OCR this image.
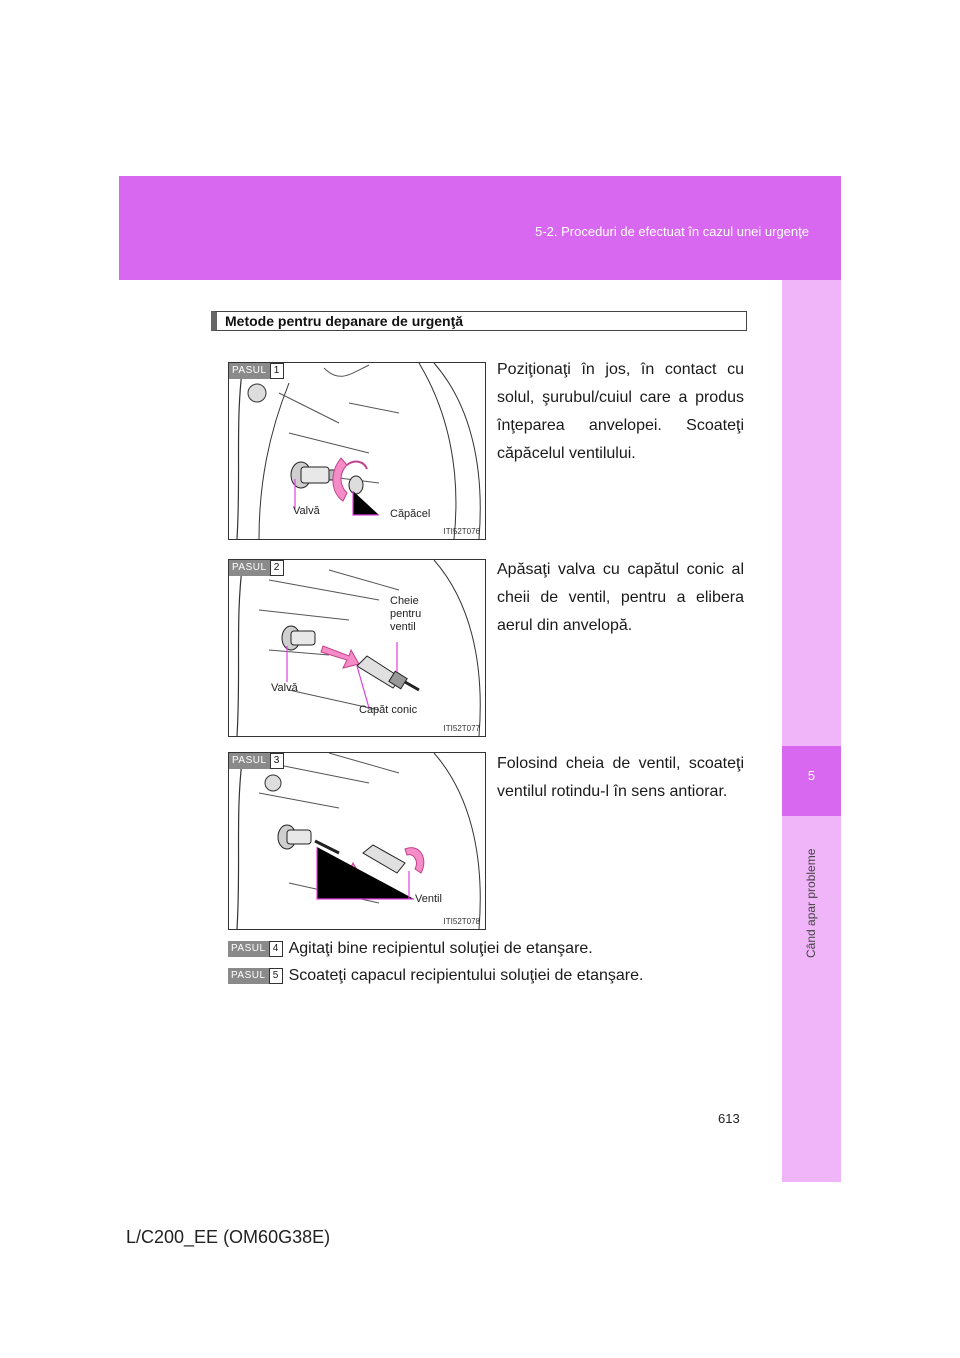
5-2. Proceduri de efectuat în cazul unei urgenţe
5
Când apar probleme
Metode pentru depanare de urgenţă
PASUL 1
Valvă	Căpăcel
ITI52T076
Poziţionaţi în jos, în contact cu solul, şurubul/cuiul care a produs înţeparea anvelopei. Scoateţi căpăcelul ventilului.
PASUL 2
Cheie pentru ventil
Valvă
Capăt conic
ITI52T077
Apăsaţi valva cu capătul conic al cheii de ventil, pentru a elibera aerul din anvelopă.
PASUL 3
Ventil
ITI52T078
Folosind cheia de ventil, scoateţi ventilul rotindu-l în sens antiorar.
PASUL 4 Agitaţi bine recipientul soluţiei de etanşare.
PASUL 5 Scoateţi capacul recipientului soluţiei de etanşare.
613
L/C200_EE (OM60G38E)
